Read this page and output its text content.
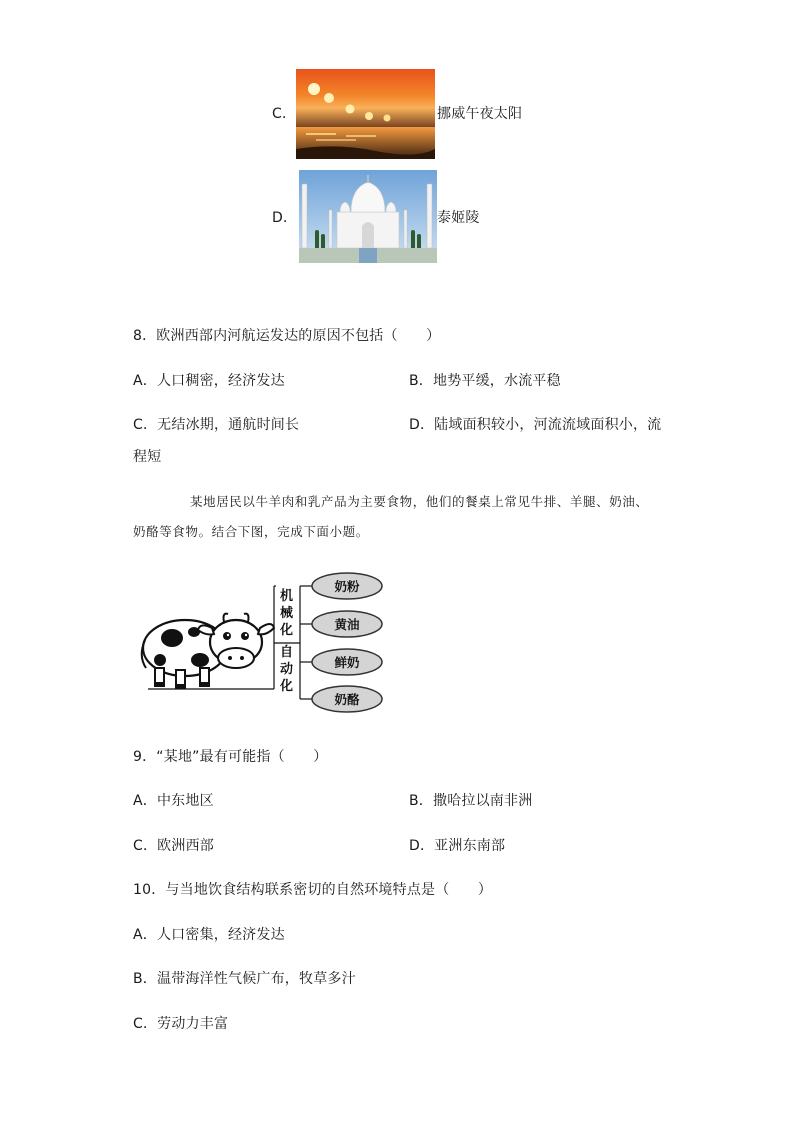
C．	挪威午夜太阳
D．	泰姬陵
8．欧洲西部内河航运发达的原因不包括（　　）
A．人口稠密，经济发达	B．地势平缓，水流平稳
C．无结冰期，通航时间长	D．陆域面积较小，河流流域面积小，流
程短
某地居民以牛羊肉和乳产品为主要食物，他们的餐桌上常见牛排、羊腿、奶油、
奶酪等食物。结合下图，完成下面小题。
机
械
化
自
动
化
奶粉
黄油
鲜奶
奶酪
9．“某地”最有可能指（　　）
A．中东地区	B．撒哈拉以南非洲
C．欧洲西部	D．亚洲东南部
10．与当地饮食结构联系密切的自然环境特点是（　　）
A．人口密集，经济发达
B．温带海洋性气候广布，牧草多汁
C．劳动力丰富
